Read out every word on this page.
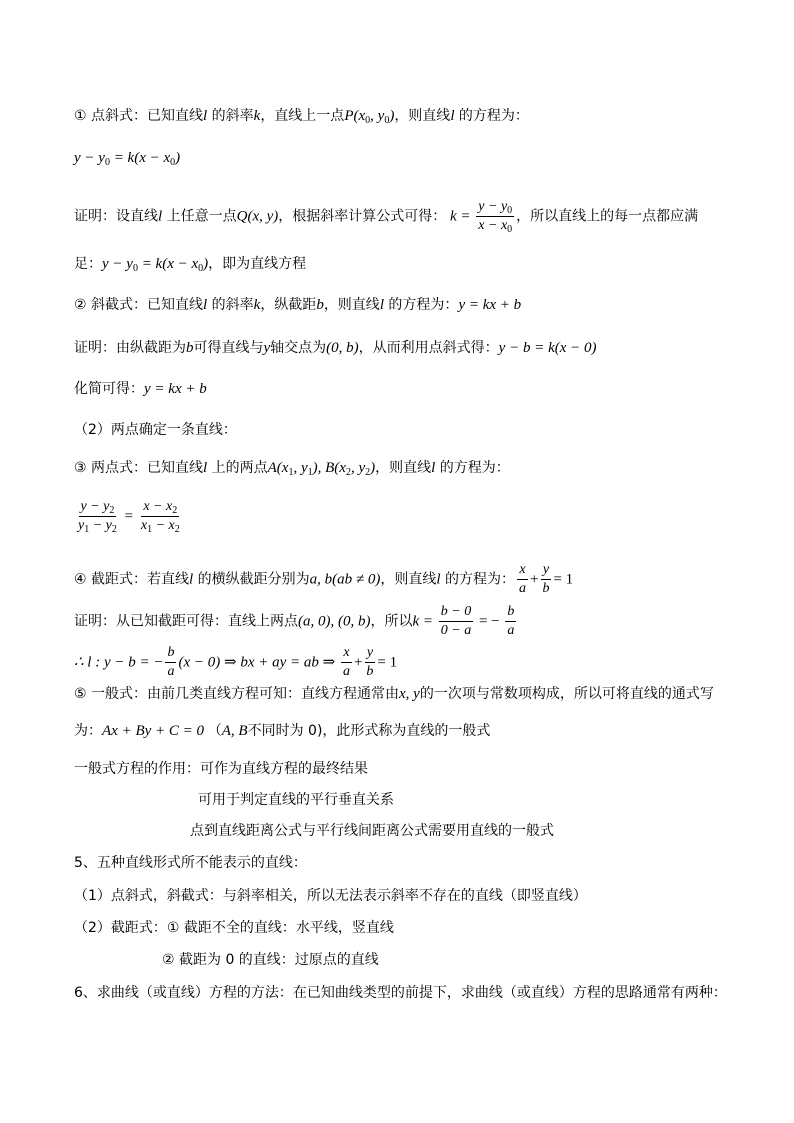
① 点斜式：已知直线l 的斜率k，直线上一点$P(x_0$, $y_0$)，则直线l 的方程为：
$y - y_0 = k(x - x_0)$
证明：设直线l 上任意一点Q(x, y)，根据斜率计算公式可得： $k = \frac{y - y_0}{x - x_0}$ ，所以直线上的每一点都应满
足：$y - y_0 = k(x - x_0)$，即为直线方程
② 斜截式：已知直线l 的斜率k，纵截距b，则直线l 的方程为：y = kx + b
证明：由纵截距为b可得直线与y轴交点为(0, b)，从而利用点斜式得：y − b = k(x − 0)
化简可得：y = kx + b
（2）两点确定一条直线：
③ 两点式：已知直线l 上的两点$A(x_1$, $y_1$), $B(x_2$, $y_2$)，则直线l 的方程为：
$\frac{y - y_2}{y_1 - y_2} = \frac{x - x_2}{x_1 - x_2}$
④ 截距式：若直线l 的横纵截距分别为a, b(ab ≠ 0)，则直线l 的方程为： $\frac{x}{a} + \frac{y}{b} = 1$
证明：从已知截距可得：直线上两点(a, 0), (0, b)，所以$k = \frac{b - 0}{0 - a}$ = − $\frac{b}{a}$
∴ l : y − b = − $\frac{b}{a} (x - 0)$ ⇒ bx + ay = ab ⇒ $\frac{x}{a} + \frac{y}{b} = 1$
⑤ 一般式：由前几类直线方程可知：直线方程通常由x, y的一次项与常数项构成，所以可将直线的通式写
为：Ax + By + C = 0 （A, B不同时为 0)，此形式称为直线的一般式
一般式方程的作用：可作为直线方程的最终结果
可用于判定直线的平行垂直关系
点到直线距离公式与平行线间距离公式需要用直线的一般式
5、五种直线形式所不能表示的直线：
（1）点斜式，斜截式：与斜率相关，所以无法表示斜率不存在的直线（即竖直线）
（2）截距式：① 截距不全的直线：水平线，竖直线
② 截距为 0 的直线：过原点的直线
6、求曲线（或直线）方程的方法：在已知曲线类型的前提下，求曲线（或直线）方程的思路通常有两种：
